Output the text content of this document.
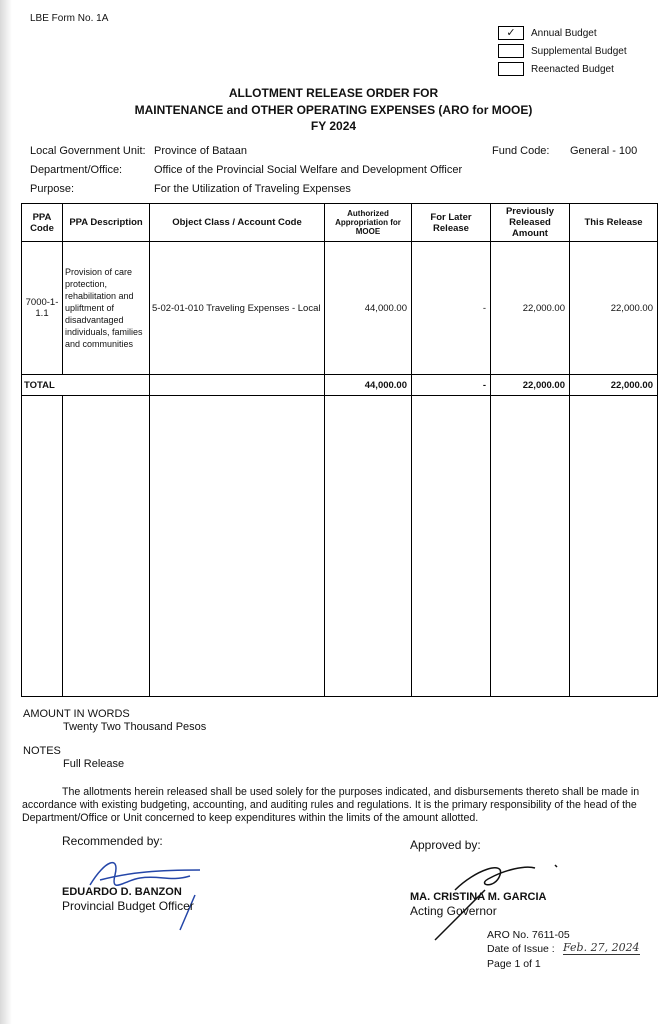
LBE Form No. 1A
✓	Annual Budget
Supplemental Budget
Reenacted Budget
ALLOTMENT RELEASE ORDER FOR
MAINTENANCE and OTHER OPERATING EXPENSES (ARO for MOOE)
FY 2024
Local Government Unit: Province of Bataan	Fund Code: General - 100
Department/Office:	Office of the Provincial Social Welfare and Development Officer
Purpose:	For the Utilization of Traveling Expenses
PPA Code	PPA Description	Object Class / Account Code	Authorized Appropriation for MOOE	For Later Release	Previously Released Amount	This Release
7000-1-1.1	Provision of care protection, rehabilitation and upliftment of disadvantaged individuals, families and communities	5-02-01-010 Traveling Expenses - Local	44,000.00	-	22,000.00	22,000.00
TOTAL			44,000.00	-	22,000.00	22,000.00

AMOUNT IN WORDS
Twenty Two Thousand Pesos
NOTES
Full Release
The allotments herein released shall be used solely for the purposes indicated, and disbursements thereto shall be made in accordance with existing budgeting, accounting, and auditing rules and regulations. It is the primary responsibility of the head of the Department/Office or Unit concerned to keep expenditures within the limits of the amount allotted.
Recommended by:
EDUARDO D. BANZON
Provincial Budget Officer
Approved by:
MA. CRISTINA M. GARCIA
Acting Governor
ARO No. 7611-05
Date of Issue : Feb. 27, 2024
Page 1 of 1
